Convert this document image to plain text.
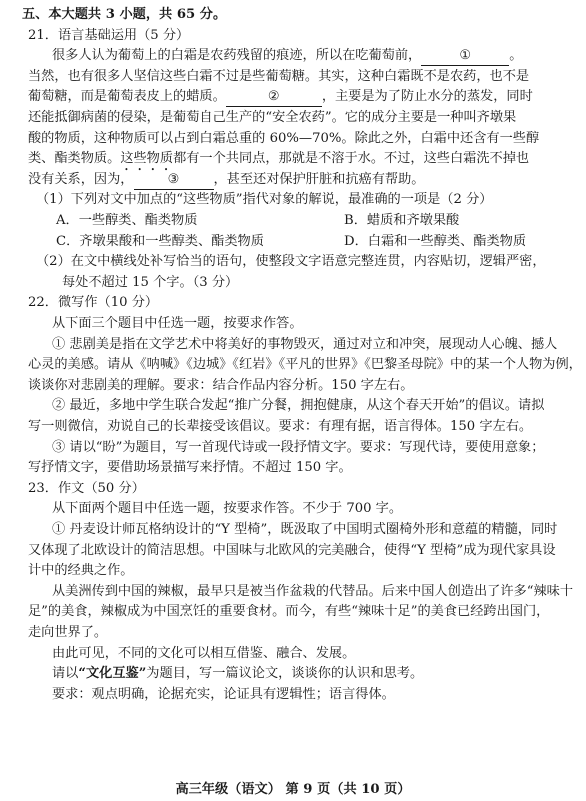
五、本大题共 3 小题，共 65 分。
21．语言基础运用（5 分）
很多人认为葡萄上的白霜是农药残留的痕迹，所以在吃葡萄前，	①	。
当然，也有很多人坚信这些白霜不过是些葡萄糖。其实，这种白霜既不是农药，也不是
葡萄糖，而是葡萄表皮上的蜡质。	②	，主要是为了防止水分的蒸发，同时
还能抵御病菌的侵染，是葡萄自己生产的“安全农药”。它的成分主要是一种叫齐墩果
酸的物质，这种物质可以占到白霜总重的 60%—70%。除此之外，白霜中还含有一些醇
类、酯类物质。这些物质都有一个共同点，那就是不溶于水。不过，这些白霜洗不掉也
没有关系，因为，	③	，甚至还对保护肝脏和抗癌有帮助。
（1）下列对文中加点的“这些物质”指代对象的解说，最准确的一项是（2 分）
A．一些醇类、酯类物质	B．蜡质和齐墩果酸
C．齐墩果酸和一些醇类、酯类物质	D．白霜和一些醇类、酯类物质
（2）在文中横线处补写恰当的语句，使整段文字语意完整连贯，内容贴切，逻辑严密，
每处不超过 15 个字。（3 分）
22．微写作（10 分）
从下面三个题目中任选一题，按要求作答。
① 悲剧美是指在文学艺术中将美好的事物毁灭，通过对立和冲突，展现动人心魄、撼人
心灵的美感。请从《呐喊》《边城》《红岩》《平凡的世界》《巴黎圣母院》中的某一个人物为例，
谈谈你对悲剧美的理解。要求：结合作品内容分析。150 字左右。
② 最近，多地中学生联合发起“推广分餐，拥抱健康，从这个春天开始”的倡议。请拟
写一则微信，劝说自己的长辈接受该倡议。要求：有理有据，语言得体。150 字左右。
③ 请以“盼”为题目，写一首现代诗或一段抒情文字。要求：写现代诗，要使用意象；
写抒情文字，要借助场景描写来抒情。不超过 150 字。
23．作文（50 分）
从下面两个题目中任选一题，按要求作答。不少于 700 字。
① 丹麦设计师瓦格纳设计的“Y 型椅”，既汲取了中国明式圈椅外形和意蕴的精髓，同时
又体现了北欧设计的简洁思想。中国味与北欧风的完美融合，使得“Y 型椅”成为现代家具设
计中的经典之作。
从美洲传到中国的辣椒，最早只是被当作盆栽的代替品。后来中国人创造出了许多“辣味十
足”的美食，辣椒成为中国烹饪的重要食材。而今，有些“辣味十足”的美食已经跨出国门，
走向世界了。
由此可见，不同的文化可以相互借鉴、融合、发展。
请以“文化互鉴”为题目，写一篇议论文，谈谈你的认识和思考。
要求：观点明确，论据充实，论证具有逻辑性；语言得体。
高三年级（语文） 第 9 页（共 10 页）
